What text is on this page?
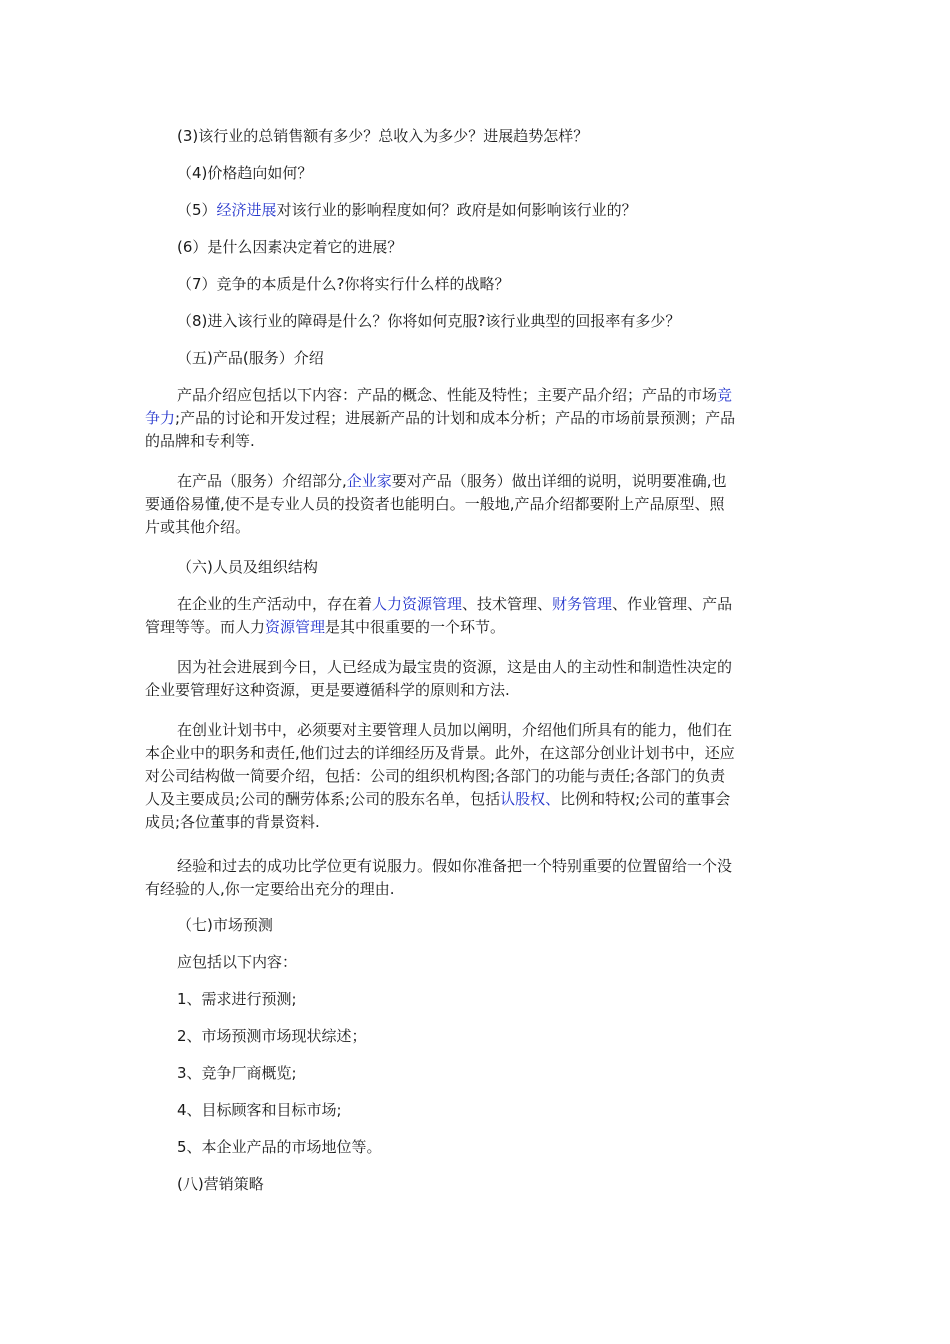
(3)该行业的总销售额有多少？总收入为多少？进展趋势怎样？

（4)价格趋向如何？

（5）经济进展对该行业的影响程度如何？政府是如何影响该行业的？

(6）是什么因素决定着它的进展？

（7）竞争的本质是什么?你将实行什么样的战略？

（8)进入该行业的障碍是什么？你将如何克服?该行业典型的回报率有多少？

（五)产品(服务）介绍

产品介绍应包括以下内容：产品的概念、性能及特性；主要产品介绍；产品的市场竞
争力;产品的讨论和开发过程；进展新产品的计划和成本分析；产品的市场前景预测；产品
的品牌和专利等.
在产品（服务）介绍部分,企业家要对产品（服务）做出详细的说明，说明要准确,也
要通俗易懂,使不是专业人员的投资者也能明白。一般地,产品介绍都要附上产品原型、照
片或其他介绍。

（六)人员及组织结构

在企业的生产活动中，存在着人力资源管理、技术管理、财务管理、作业管理、产品
管理等等。而人力资源管理是其中很重要的一个环节。
因为社会进展到今日，人已经成为最宝贵的资源，这是由人的主动性和制造性决定的
企业要管理好这种资源，更是要遵循科学的原则和方法.
在创业计划书中，必须要对主要管理人员加以阐明，介绍他们所具有的能力，他们在
本企业中的职务和责任,他们过去的详细经历及背景。此外，在这部分创业计划书中，还应
对公司结构做一简要介绍，包括：公司的组织机构图;各部门的功能与责任;各部门的负责
人及主要成员;公司的酬劳体系;公司的股东名单，包括认股权、比例和特权;公司的董事会
成员;各位董事的背景资料.
经验和过去的成功比学位更有说服力。假如你准备把一个特别重要的位置留给一个没
有经验的人,你一定要给出充分的理由.

（七)市场预测

应包括以下内容：

1、需求进行预测;

2、市场预测市场现状综述；

3、竞争厂商概览;

4、目标顾客和目标市场;

5、本企业产品的市场地位等。

(八)营销策略
